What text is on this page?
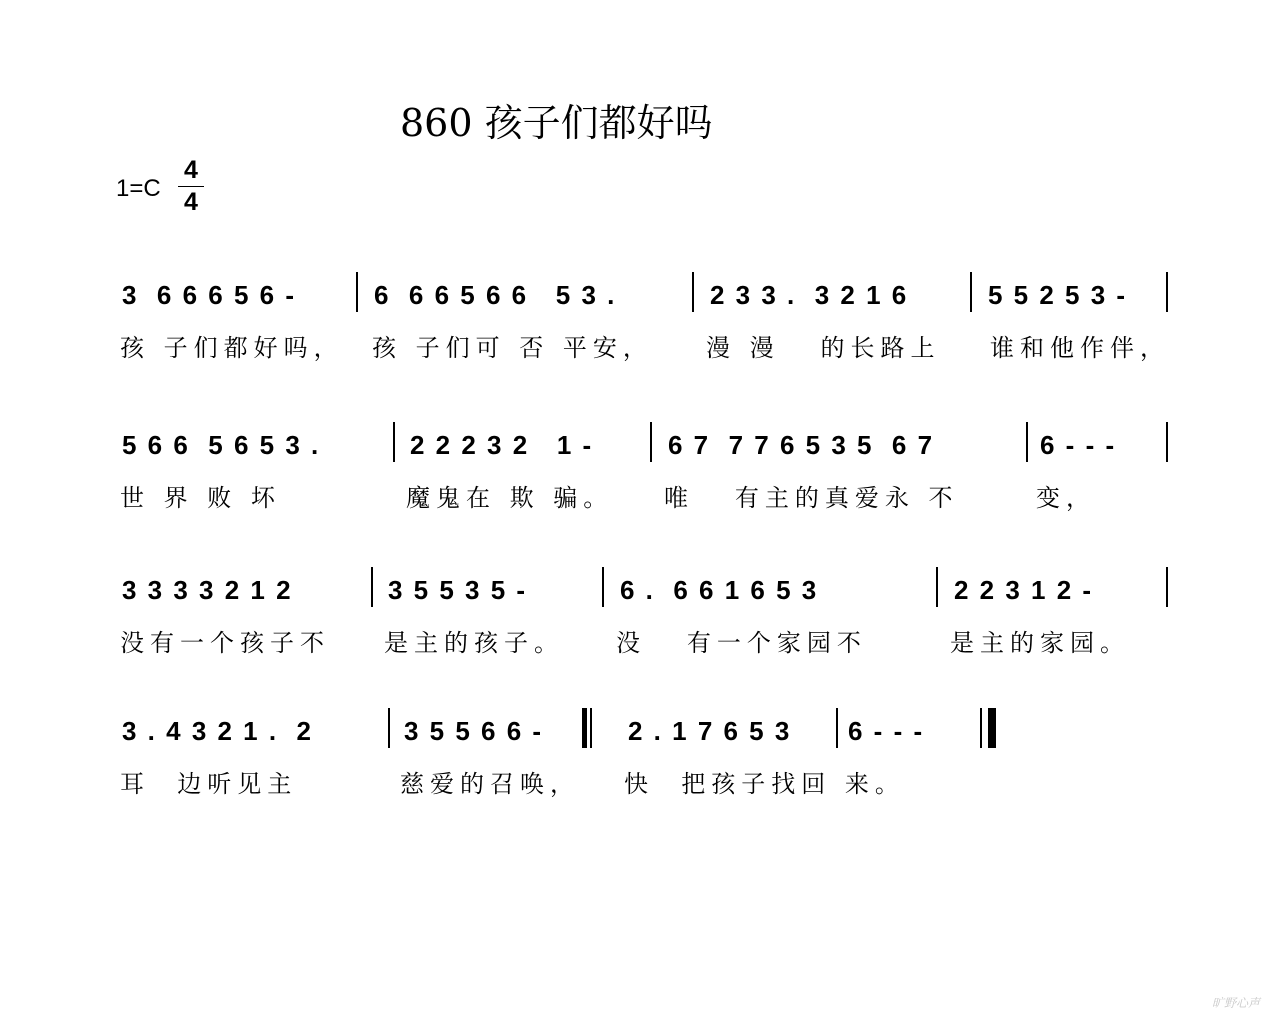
860 孩子们都好吗
1=C
4
4
3  6 6 6 5 6 -	6  6 6 5 6 6   5 3 .	2 3 3 .  3 2 1 6	5 5 2 5 3 -
孩 子们都好吗， 孩 子们可 否 平安， 漫 漫   的长路上 谁和他作伴，
5 6 6  5 6 5 3 .	2 2 2 3 2   1 -	6 7  7 7 6 5 3 5  6 7	6 - - -
世 界 败 坏	魔鬼在 欺 骗。 唯   有主的真爱永 不	变，
3 3 3 3 2 1 2	3 5 5 3 5 -	6 .  6 6 1 6 5 3	2 2 3 1 2 -
没有一个孩子不 是主的孩子。 没   有一个家园不	是主的家园。
3 . 4 3 2 1 .  2	3 5 5 6 6 -	2 . 1 7 6 5 3 6 - - -
耳  边听见主	慈爱的召唤， 快  把孩子找回 来。
旷野心声
